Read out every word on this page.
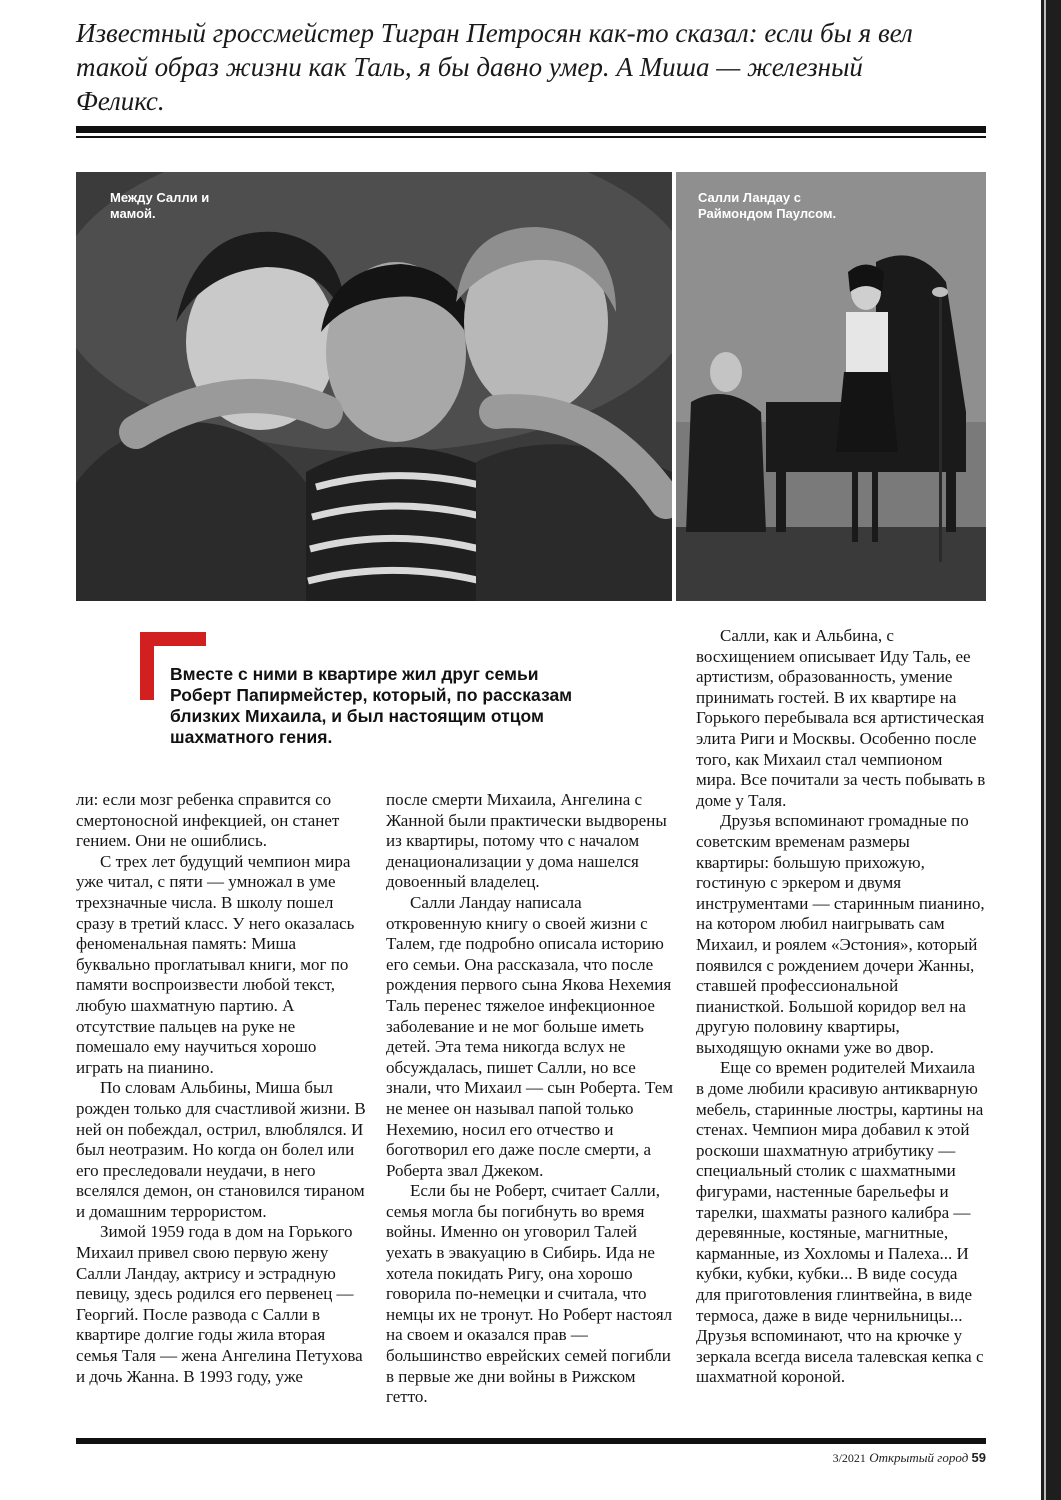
Известный гроссмейстер Тигран Петросян как-то сказал: если бы я вел такой образ жизни как Таль, я бы давно умер. А Миша — железный Феликс.

Между Салли и мамой.
Салли Ландау с Раймондом Паулсом.

Вместе с ними в квартире жил друг семьи Роберт Папирмейстер, который, по рассказам близких Михаила, и был настоящим отцом шахматного гения.

ли: если мозг ребенка справится со смертоносной инфекцией, он станет гением. Они не ошиблись.

С трех лет будущий чемпион мира уже читал, с пяти — умножал в уме трехзначные числа. В школу пошел сразу в третий класс. У него оказалась феноменальная память: Миша буквально проглатывал книги, мог по памяти воспроизвести любой текст, любую шахматную партию. А отсутствие пальцев на руке не помешало ему научиться хорошо играть на пианино.

По словам Альбины, Миша был рожден только для счастливой жизни. В ней он побеждал, острил, влюблялся. И был неотразим. Но когда он болел или его преследовали неудачи, в него вселялся демон, он становился тираном и домашним террористом.

Зимой 1959 года в дом на Горького Михаил привел свою первую жену Салли Ландау, актрису и эстрадную певицу, здесь родился его первенец — Георгий. После развода с Салли в квартире долгие годы жила вторая семья Таля — жена Ангелина Петухова и дочь Жанна. В 1993 году, уже

после смерти Михаила, Ангелина с Жанной были практически выдворены из квартиры, потому что с началом денационализации у дома нашелся довоенный владелец.

Салли Ландау написала откровенную книгу о своей жизни с Талем, где подробно описала историю его семьи. Она рассказала, что после рождения первого сына Якова Нехемия Таль перенес тяжелое инфекционное заболевание и не мог больше иметь детей. Эта тема никогда вслух не обсуждалась, пишет Салли, но все знали, что Михаил — сын Роберта. Тем не менее он называл папой только Нехемию, носил его отчество и боготворил его даже после смерти, а Роберта звал Джеком.

Если бы не Роберт, считает Салли, семья могла бы погибнуть во время войны. Именно он уговорил Талей уехать в эвакуацию в Сибирь. Ида не хотела покидать Ригу, она хорошо говорила по-немецки и считала, что немцы их не тронут. Но Роберт настоял на своем и оказался прав — большинство еврейских семей погибли в первые же дни войны в Рижском гетто.

Салли, как и Альбина, с восхищением описывает Иду Таль, ее артистизм, образованность, умение принимать гостей. В их квартире на Горького перебывала вся артистическая элита Риги и Москвы. Особенно после того, как Михаил стал чемпионом мира. Все почитали за честь побывать в доме у Таля.

Друзья вспоминают громадные по советским временам размеры квартиры: большую прихожую, гостиную с эркером и двумя инструментами — старинным пианино, на котором любил наигрывать сам Михаил, и роялем «Эстония», который появился с рождением дочери Жанны, ставшей профессиональной пианисткой. Большой коридор вел на другую половину квартиры, выходящую окнами уже во двор.

Еще со времен родителей Михаила в доме любили красивую антикварную мебель, старинные люстры, картины на стенах. Чемпион мира добавил к этой роскоши шахматную атрибутику — специальный столик с шахматными фигурами, настенные барельефы и тарелки, шахматы разного калибра — деревянные, костяные, магнитные, карманные, из Хохломы и Палеха... И кубки, кубки, кубки... В виде сосуда для приготовления глинтвейна, в виде термоса, даже в виде чернильницы... Друзья вспоминают, что на крючке у зеркала всегда висела талевская кепка с шахматной короной.

3/2021 Открытый город 59
